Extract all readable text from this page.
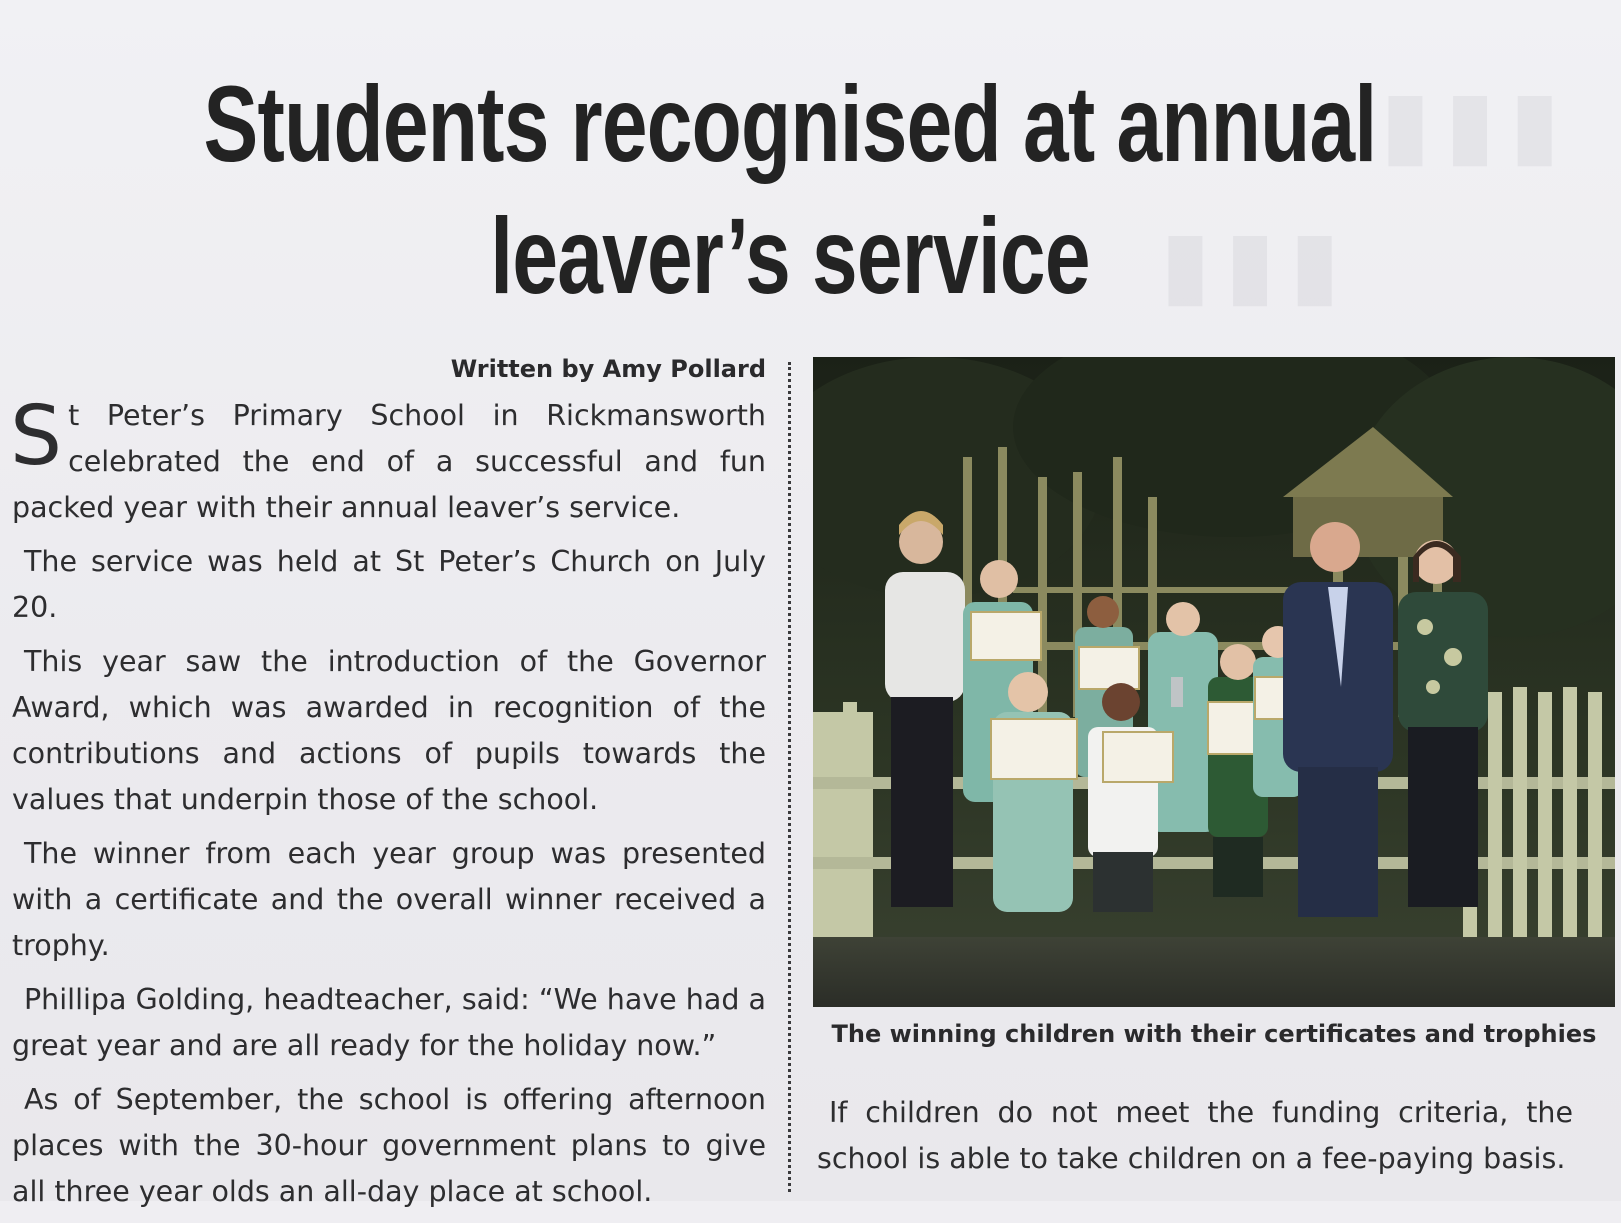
▮▮▮
▮▮▮
Students recognised at annual leaver’s service
Written by Amy Pollard

St Peter’s Primary School in Rickmansworth celebrated the end of a successful and fun packed year with their annual leaver’s service.

The service was held at St Peter’s Church on July 20.

This year saw the introduction of the Governor Award, which was awarded in recognition of the contributions and actions of pupils towards the values that underpin those of the school.

The winner from each year group was presented with a certificate and the overall winner received a trophy.

Phillipa Golding, headteacher, said: “We have had a great year and are all ready for the holiday now.”

As of September, the school is offering afternoon places with the 30-hour government plans to give all three year olds an all-day place at school.

The winning children with their certificates and trophies
If children do not meet the funding criteria, the school is able to take children on a fee-paying basis.
